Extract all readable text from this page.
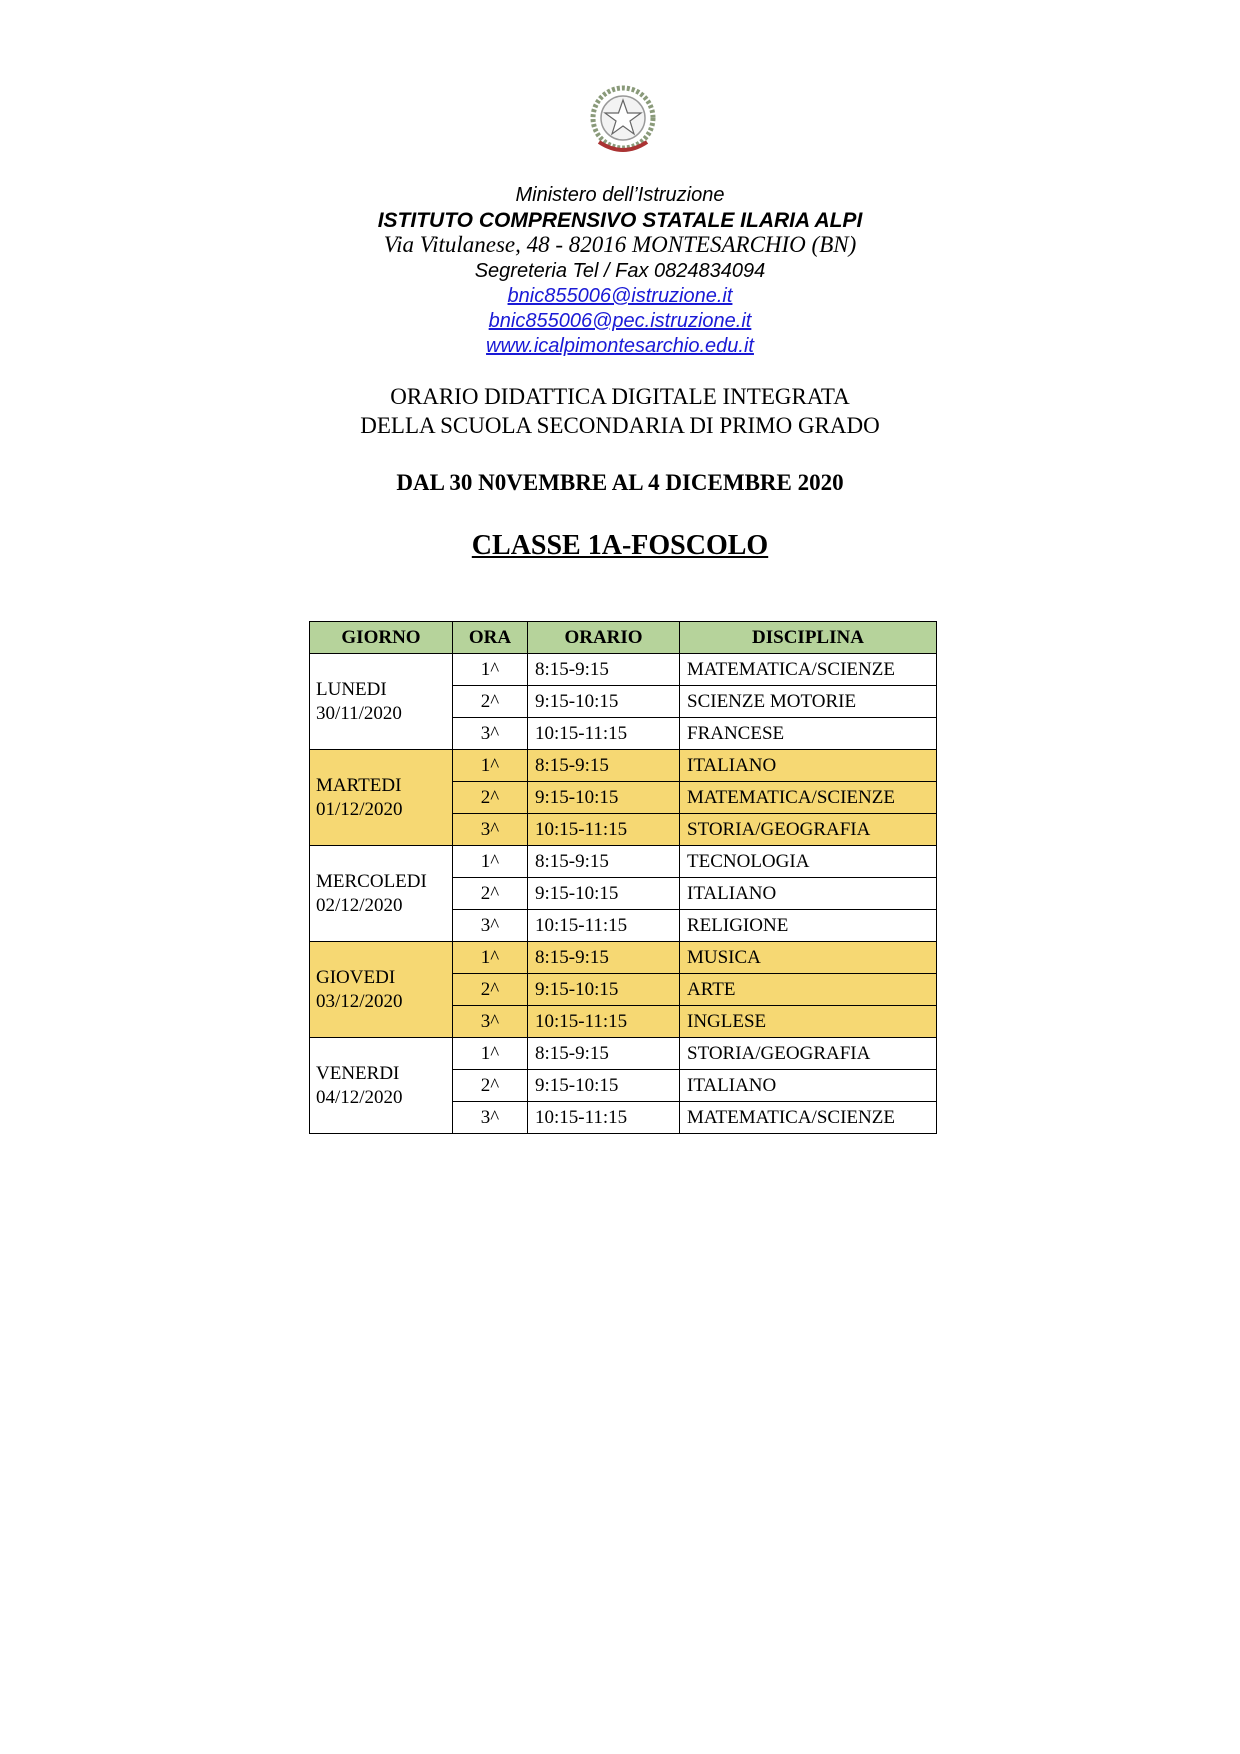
Ministero dell’Istruzione
ISTITUTO COMPRENSIVO STATALE ILARIA ALPI
Via Vitulanese, 48 - 82016 MONTESARCHIO (BN)
Segreteria Tel / Fax 0824834094
bnic855006@istruzione.it
bnic855006@pec.istruzione.it
www.icalpimontesarchio.edu.it
ORARIO DIDATTICA DIGITALE INTEGRATA
DELLA SCUOLA SECONDARIA DI PRIMO GRADO
DAL 30 N0VEMBRE AL 4 DICEMBRE 2020
CLASSE 1A-FOSCOLO
GIORNO	ORA	ORARIO	DISCIPLINA
LUNEDI
30/11/2020	1^	8:15-9:15	MATEMATICA/SCIENZE
	2^	9:15-10:15	SCIENZE MOTORIE
	3^	10:15-11:15	FRANCESE
MARTEDI
01/12/2020	1^	8:15-9:15	ITALIANO
	2^	9:15-10:15	MATEMATICA/SCIENZE
	3^	10:15-11:15	STORIA/GEOGRAFIA
MERCOLEDI
02/12/2020	1^	8:15-9:15	TECNOLOGIA
	2^	9:15-10:15	ITALIANO
	3^	10:15-11:15	RELIGIONE
GIOVEDI
03/12/2020	1^	8:15-9:15	MUSICA
	2^	9:15-10:15	ARTE
	3^	10:15-11:15	INGLESE
VENERDI
04/12/2020	1^	8:15-9:15	STORIA/GEOGRAFIA
	2^	9:15-10:15	ITALIANO
	3^	10:15-11:15	MATEMATICA/SCIENZE
